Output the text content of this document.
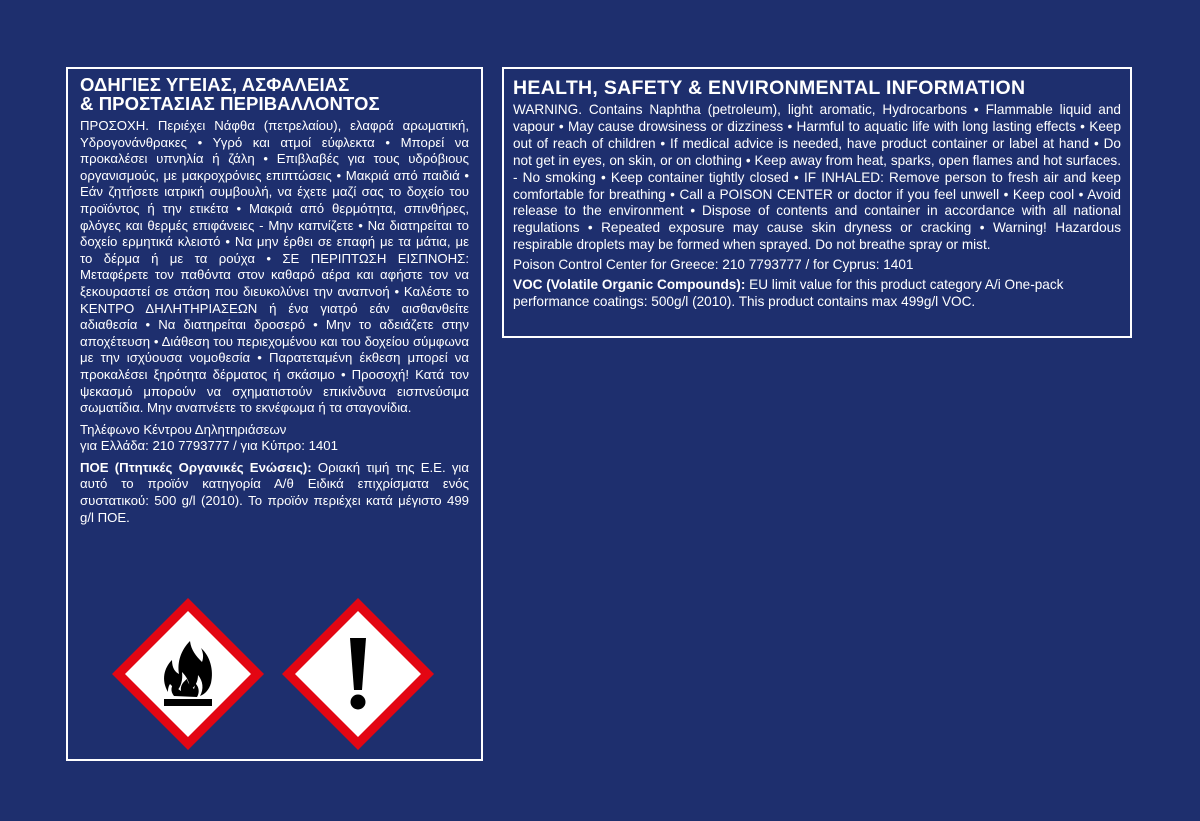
ΟΔΗΓΙΕΣ ΥΓΕΙΑΣ, ΑΣΦΑΛΕΙΑΣ
& ΠΡΟΣΤΑΣΙΑΣ ΠΕΡΙΒΑΛΛΟΝΤΟΣ

ΠΡΟΣΟΧΗ. Περιέχει Νάφθα (πετρελαίου), ελαφρά αρωματική, Υδρογονάνθρακες • Υγρό και ατμοί εύφλεκτα • Μπορεί να προκαλέσει υπνηλία ή ζάλη • Επιβλαβές για τους υδρόβιους οργανισμούς, με μακροχρόνιες επιπτώσεις • Μακριά από παιδιά • Εάν ζητήσετε ιατρική συμβουλή, να έχετε μαζί σας το δοχείο του προϊόντος ή την ετικέτα • Μακριά από θερμότητα, σπινθήρες, φλόγες και θερμές επιφάνειες - Μην καπνίζετε • Να διατηρείται το δοχείο ερμητικά κλειστό • Να μην έρθει σε επαφή με τα μάτια, με το δέρμα ή με τα ρούχα • ΣΕ ΠΕΡΙΠΤΩΣΗ ΕΙΣΠΝΟΗΣ: Μεταφέρετε τον παθόντα στον καθαρό αέρα και αφήστε τον να ξεκουραστεί σε στάση που διευκολύνει την αναπνοή • Καλέστε το ΚΕΝΤΡΟ ΔΗΛΗΤΗΡΙΑΣΕΩΝ ή ένα γιατρό εάν αισθανθείτε αδιαθεσία • Να διατηρείται δροσερό • Μην το αδειάζετε στην αποχέτευση • Διάθεση του περιεχομένου και του δοχείου σύμφωνα με την ισχύουσα νομοθεσία • Παρατεταμένη έκθεση μπορεί να προκαλέσει ξηρότητα δέρματος ή σκάσιμο • Προσοχή! Κατά τον ψεκασμό μπορούν να σχηματιστούν επικίνδυνα εισπνεύσιμα σωματίδια. Μην αναπνέετε το εκνέφωμα ή τα σταγονίδια.

Τηλέφωνο Κέντρου Δηλητηριάσεων
για Ελλάδα: 210 7793777 / για Κύπρο: 1401

ΠΟΕ (Πτητικές Οργανικές Ενώσεις): Οριακή τιμή της Ε.Ε. για αυτό το προϊόν κατηγορία Α/θ Ειδικά επιχρίσματα ενός συστατικού: 500 g/l (2010). Το προϊόν περιέχει κατά μέγιστο 499 g/l ΠΟΕ.

HEALTH, SAFETY & ENVIRONMENTAL INFORMATION

WARNING. Contains Naphtha (petroleum), light aromatic, Hydrocarbons • Flammable liquid and vapour • May cause drowsiness or dizziness • Harmful to aquatic life with long lasting effects • Keep out of reach of children • If medical advice is needed, have product container or label at hand • Do not get in eyes, on skin, or on clothing • Keep away from heat, sparks, open flames and hot surfaces. - No smoking • Keep container tightly closed • IF INHALED: Remove person to fresh air and keep comfortable for breathing • Call a POISON CENTER or doctor if you feel unwell • Keep cool • Avoid release to the environment • Dispose of contents and container in accordance with all national regulations • Repeated exposure may cause skin dryness or cracking • Warning! Hazardous respirable droplets may be formed when sprayed. Do not breathe spray or mist.

Poison Control Center for Greece: 210 7793777 / for Cyprus: 1401

VOC (Volatile Organic Compounds): EU limit value for this product category A/i One-pack performance coatings: 500g/l (2010). This product contains max 499g/l VOC.
